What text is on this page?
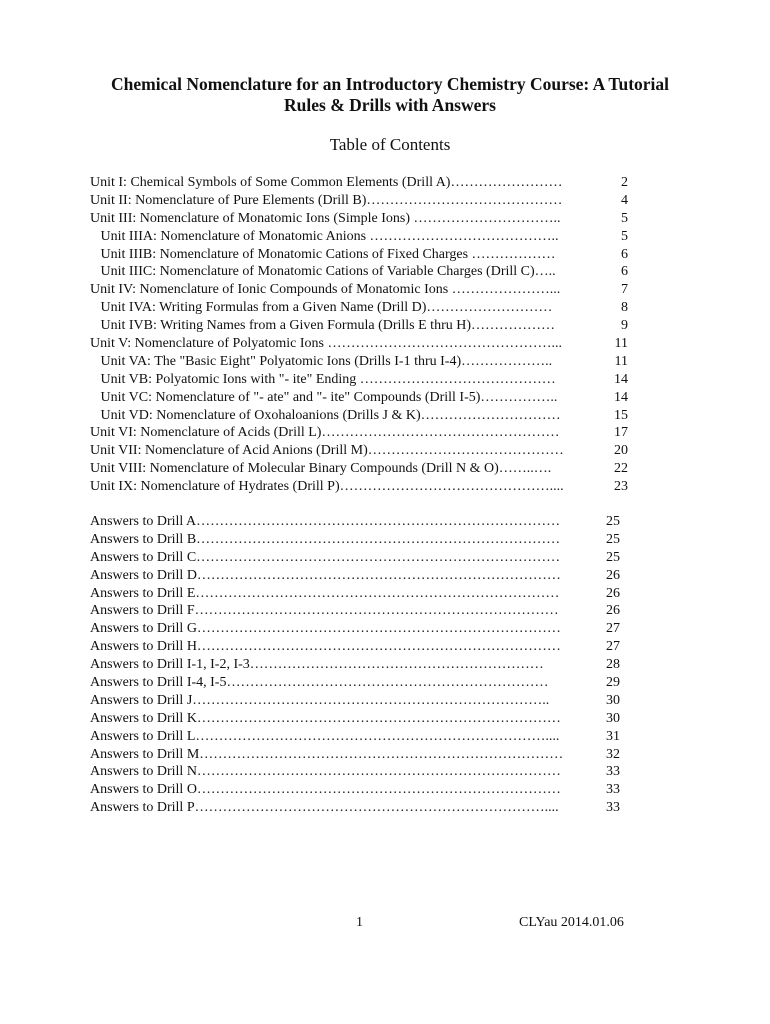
Chemical Nomenclature for an Introductory Chemistry Course: A Tutorial
Rules & Drills with Answers
Table of Contents
Unit I: Chemical Symbols of Some Common Elements (Drill A)……………………	2
Unit II: Nomenclature of Pure Elements (Drill B)……………………………………	4
Unit III: Nomenclature of Monatomic Ions (Simple Ions) …………………………..	5
Unit IIIA: Nomenclature of Monatomic Anions …………………………………..	5
Unit IIIB: Nomenclature of Monatomic Cations of Fixed Charges ………………	6
Unit IIIC: Nomenclature of Monatomic Cations of Variable Charges (Drill C)…..	6
Unit IV: Nomenclature of Ionic Compounds of Monatomic Ions …………………...	7
Unit IVA: Writing Formulas from a Given Name (Drill D)………………………	8
Unit IVB: Writing Names from a Given Formula (Drills E thru H)………………	9
Unit V: Nomenclature of Polyatomic Ions …………………………………………...	11
Unit VA: The "Basic Eight" Polyatomic Ions (Drills I-1 thru I-4)………………..	11
Unit VB: Polyatomic Ions with "- ite" Ending ……………………………………	14
Unit VC: Nomenclature of "- ate" and "- ite" Compounds (Drill I-5)……………..	14
Unit VD: Nomenclature of Oxohaloanions (Drills J & K)…………………………	15
Unit VI: Nomenclature of Acids (Drill L)……………………………………………	17
Unit VII: Nomenclature of Acid Anions (Drill M)……………………………………	20
Unit VIII: Nomenclature of Molecular Binary Compounds (Drill N & O)……..….	22
Unit IX: Nomenclature of Hydrates (Drill P)………………………………………....	23
Answers to Drill A……………………………………………………………………	25
Answers to Drill B……………………………………………………………………	25
Answers to Drill C……………………………………………………………………	25
Answers to Drill D……………………………………………………………………	26
Answers to Drill E……………………………………………………………………	26
Answers to Drill F……………………………………………………………………	26
Answers to Drill G……………………………………………………………………	27
Answers to Drill H……………………………………………………………………	27
Answers to Drill I-1, I-2, I-3………………………………………………………	28
Answers to Drill I-4, I-5……………………………………………………………	29
Answers to Drill J…………………………………………………………………..	30
Answers to Drill K……………………………………………………………………	30
Answers to Drill L…………………………………………………………………....	31
Answers to Drill M……………………………………………………………………	32
Answers to Drill N……………………………………………………………………	33
Answers to Drill O……………………………………………………………………	33
Answers to Drill P…………………………………………………………………....	33
1	CLYau 2014.01.06
